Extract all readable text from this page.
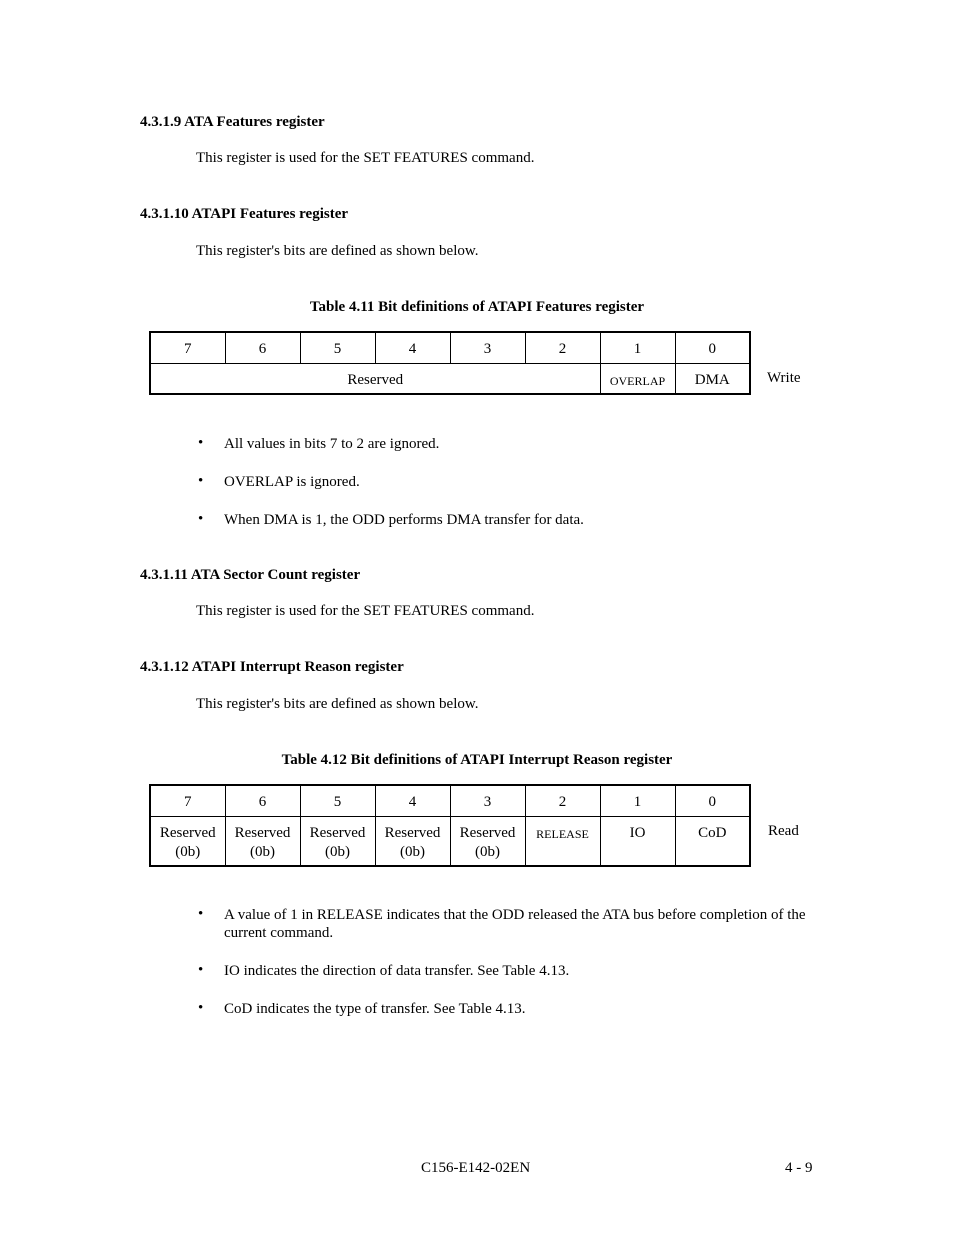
4.3.1.9 ATA Features register
This register is used for the SET FEATURES command.
4.3.1.10 ATAPI Features register
This register's bits are defined as shown below.
Table 4.11 Bit definitions of ATAPI Features register
7	6	5	4	3	2	1	0
Reserved						OVERLAP	DMA Write
• All values in bits 7 to 2 are ignored.
• OVERLAP is ignored.
• When DMA is 1, the ODD performs DMA transfer for data.
4.3.1.11 ATA Sector Count register
This register is used for the SET FEATURES command.
4.3.1.12 ATAPI Interrupt Reason register
This register's bits are defined as shown below.
Table 4.12 Bit definitions of ATAPI Interrupt Reason register
7	6	5	4	3	2	1	0
Reserved
(0b)	Reserved
(0b)	Reserved
(0b)	Reserved
(0b)	Reserved
(0b)	RELEASE	IO	CoD	Read
• A value of 1 in RELEASE indicates that the ODD released the ATA bus before completion of the current command.
• IO indicates the direction of data transfer. See Table 4.13.
• CoD indicates the type of transfer. See Table 4.13.
C156-E142-02EN	4 - 9
